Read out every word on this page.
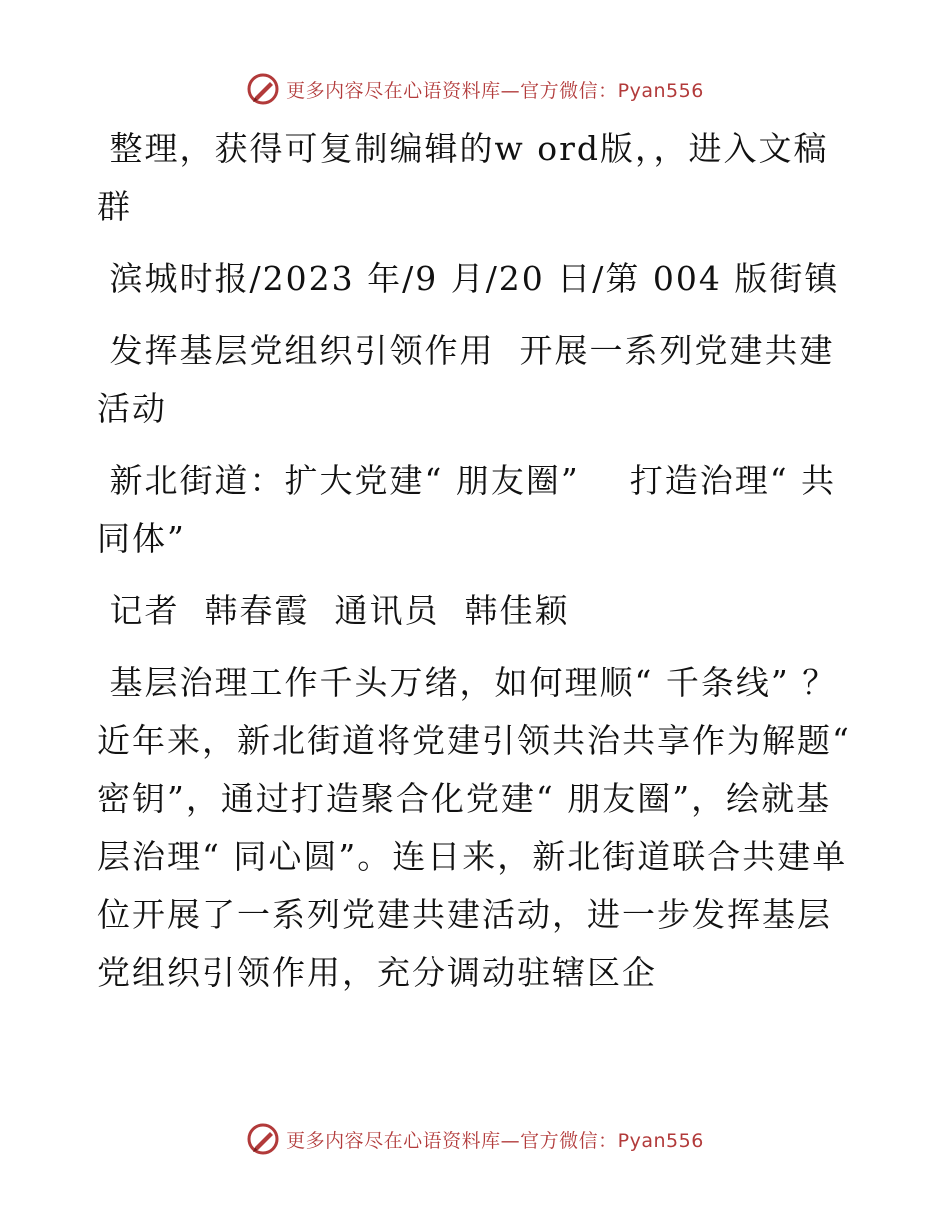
更多内容尽在心语资料库—官方微信：Pyan556

整理，获得可复制编辑的w ord版，，进入文稿群

滨城时报/2023 年/9 月/20 日/第 004 版街镇

发挥基层党组织引领作用  开展一系列党建共建活动

新北街道：扩大党建“ 朋友圈”    打造治理“ 共同体”

记者  韩春霞  通讯员  韩佳颖

基层治理工作千头万绪，如何理顺“ 千条线” ？近年来，新北街道将党建引领共治共享作为解题“ 密钥”，通过打造聚合化党建“ 朋友圈”，绘就基层治理“ 同心圆”。连日来，新北街道联合共建单位开展了一系列党建共建活动，进一步发挥基层党组织引领作用，充分调动驻辖区企

更多内容尽在心语资料库—官方微信：Pyan556
